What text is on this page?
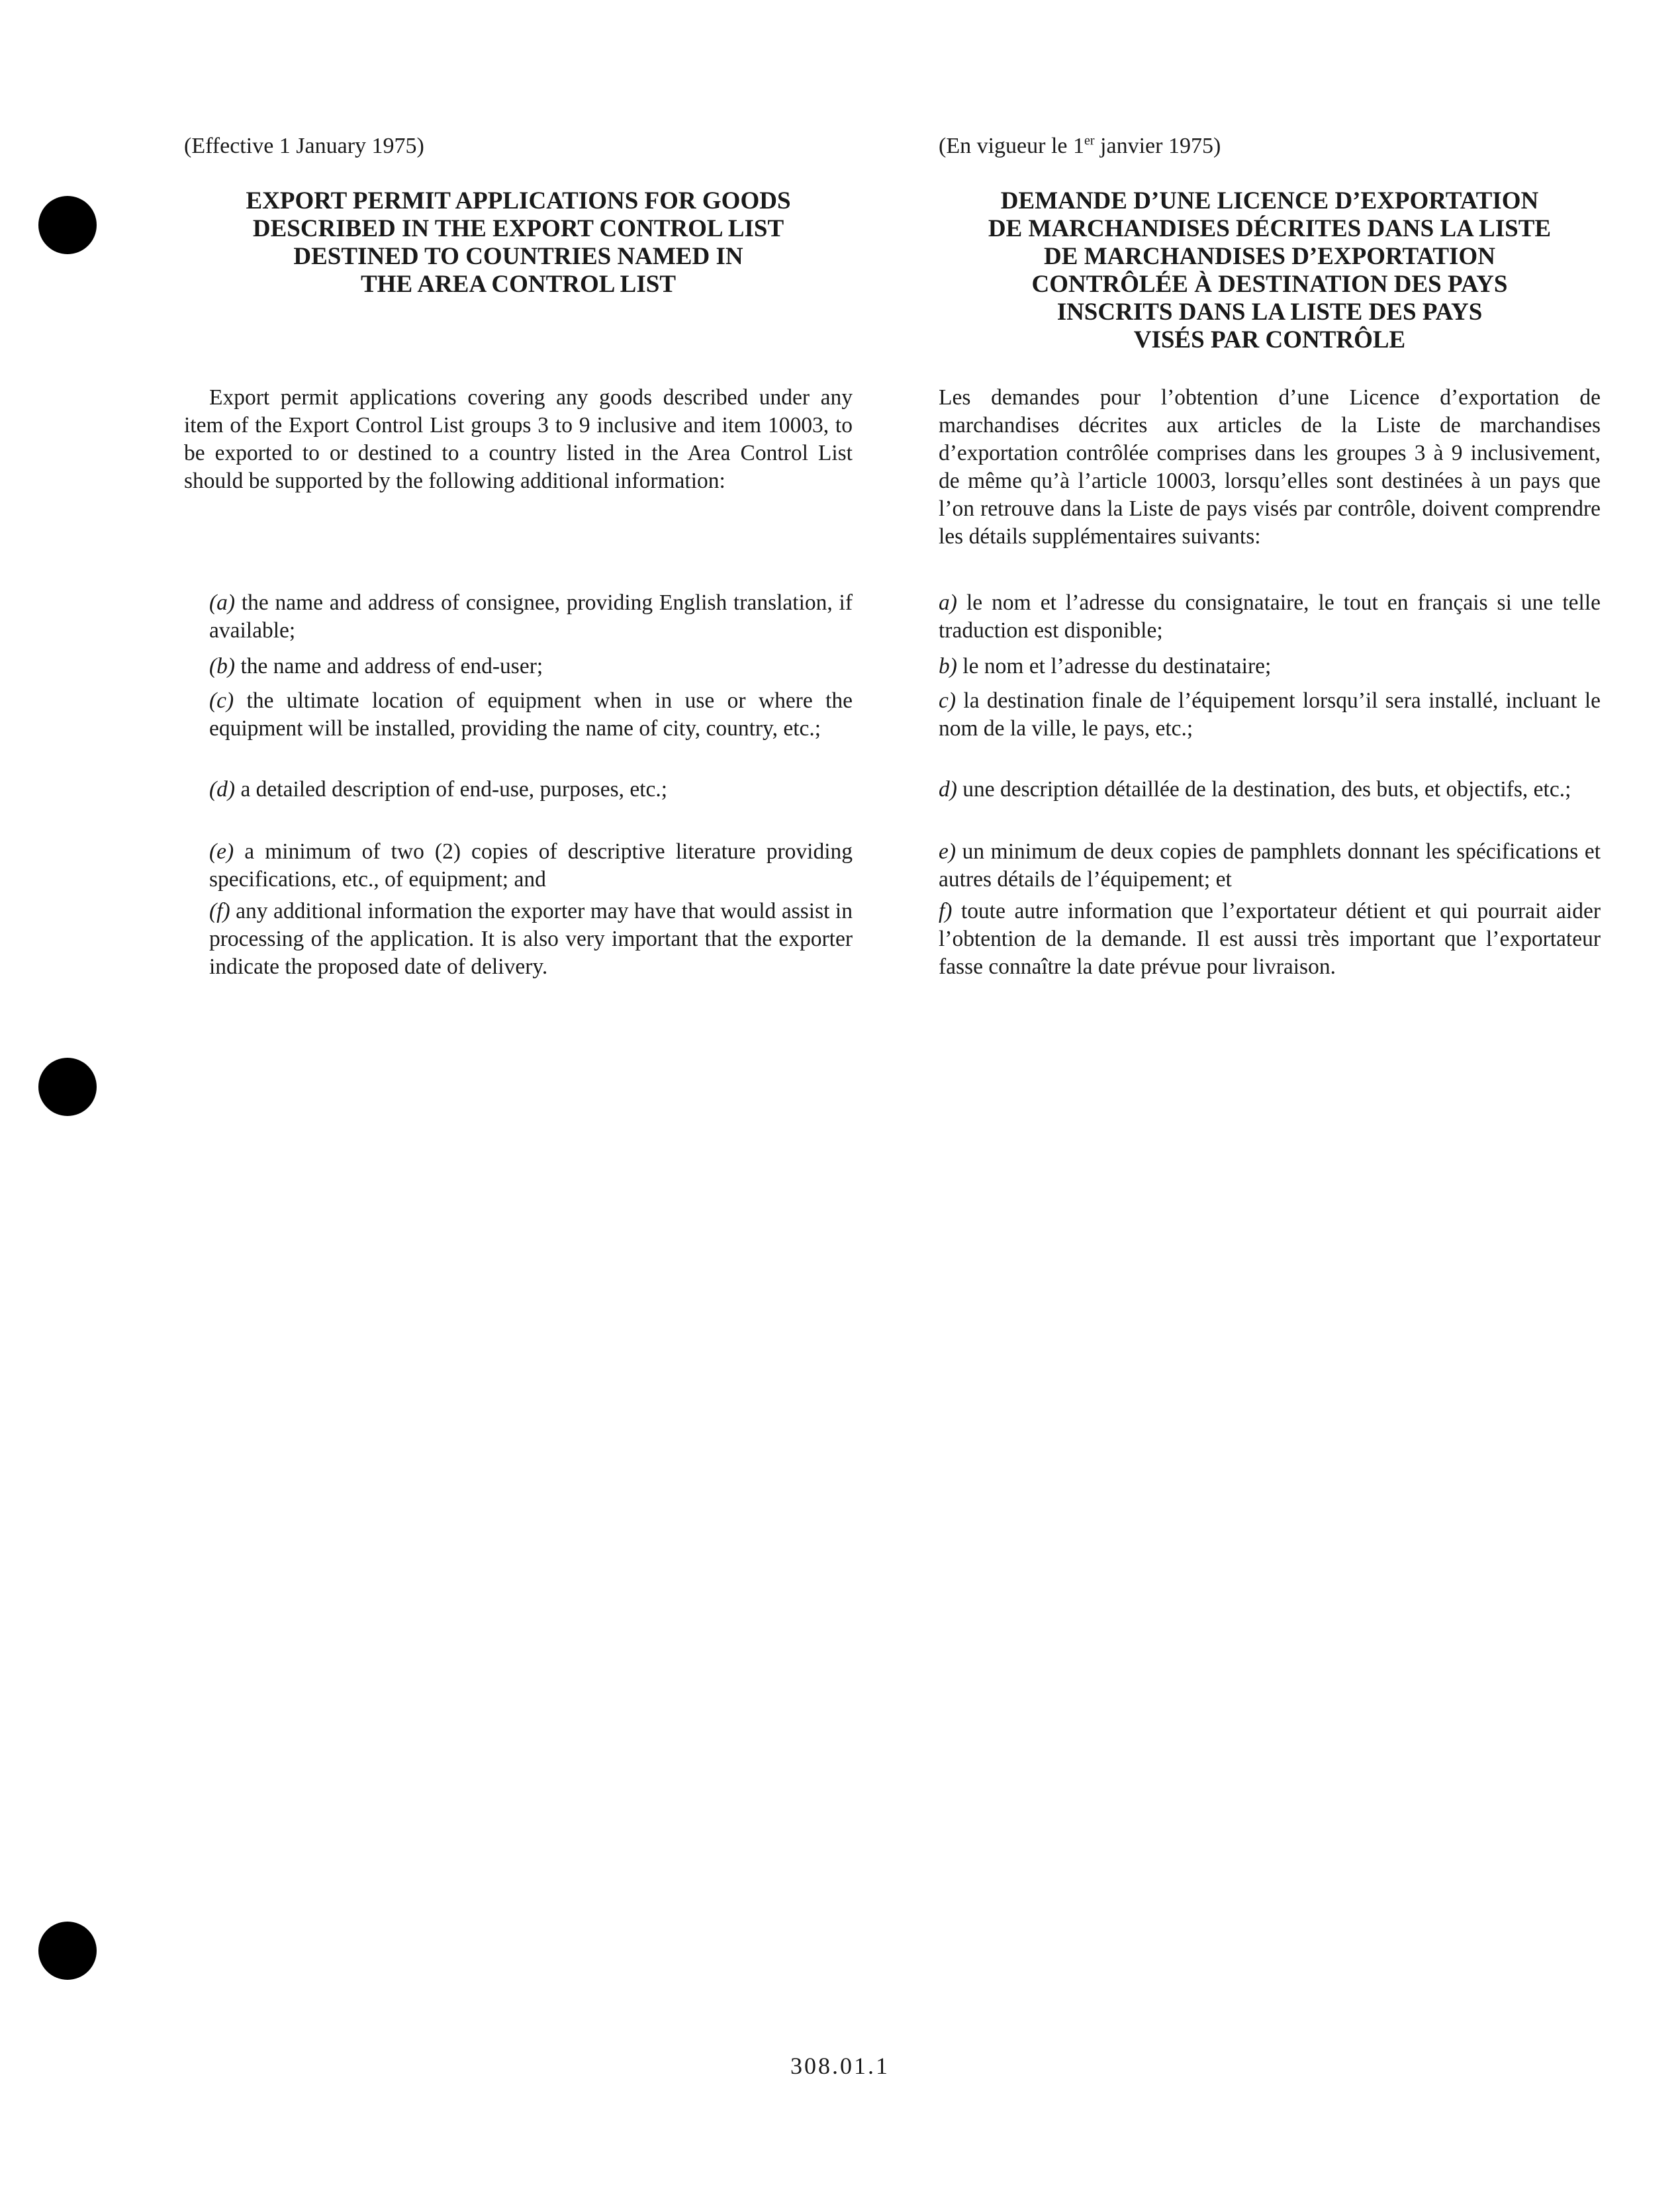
(Effective 1 January 1975)

EXPORT PERMIT APPLICATIONS FOR GOODS
DESCRIBED IN THE EXPORT CONTROL LIST
DESTINED TO COUNTRIES NAMED IN
THE AREA CONTROL LIST

Export permit applications covering any goods described under any item of the Export Control List groups 3 to 9 inclusive and item 10003, to be exported to or destined to a country listed in the Area Control List should be supported by the following additional information:

(a) the name and address of consignee, providing English translation, if available;
(b) the name and address of end-user;
(c) the ultimate location of equipment when in use or where the equipment will be installed, providing the name of city, country, etc.;
(d) a detailed description of end-use, purposes, etc.;
(e) a minimum of two (2) copies of descriptive literature providing specifications, etc., of equipment; and
(f) any additional information the exporter may have that would assist in processing of the application. It is also very important that the exporter indicate the proposed date of delivery.

(En vigueur le 1er janvier 1975)

DEMANDE D’UNE LICENCE D’EXPORTATION
DE MARCHANDISES DÉCRITES DANS LA LISTE
DE MARCHANDISES D’EXPORTATION
CONTRÔLÉE À DESTINATION DES PAYS
INSCRITS DANS LA LISTE DES PAYS
VISÉS PAR CONTRÔLE

Les demandes pour l’obtention d’une Licence d’exportation de marchandises décrites aux articles de la Liste de marchandises d’exportation contrôlée comprises dans les groupes 3 à 9 inclusivement, de même qu’à l’article 10003, lorsqu’elles sont destinées à un pays que l’on retrouve dans la Liste de pays visés par contrôle, doivent comprendre les détails supplémentaires suivants:

a) le nom et l’adresse du consignataire, le tout en français si une telle traduction est disponible;
b) le nom et l’adresse du destinataire;
c) la destination finale de l’équipement lorsqu’il sera installé, incluant le nom de la ville, le pays, etc.;
d) une description détaillée de la destination, des buts, et objectifs, etc.;
e) un minimum de deux copies de pamphlets donnant les spécifications et autres détails de l’équipement; et
f) toute autre information que l’exportateur détient et qui pourrait aider l’obtention de la demande. Il est aussi très important que l’exportateur fasse connaître la date prévue pour livraison.

308.01.1
